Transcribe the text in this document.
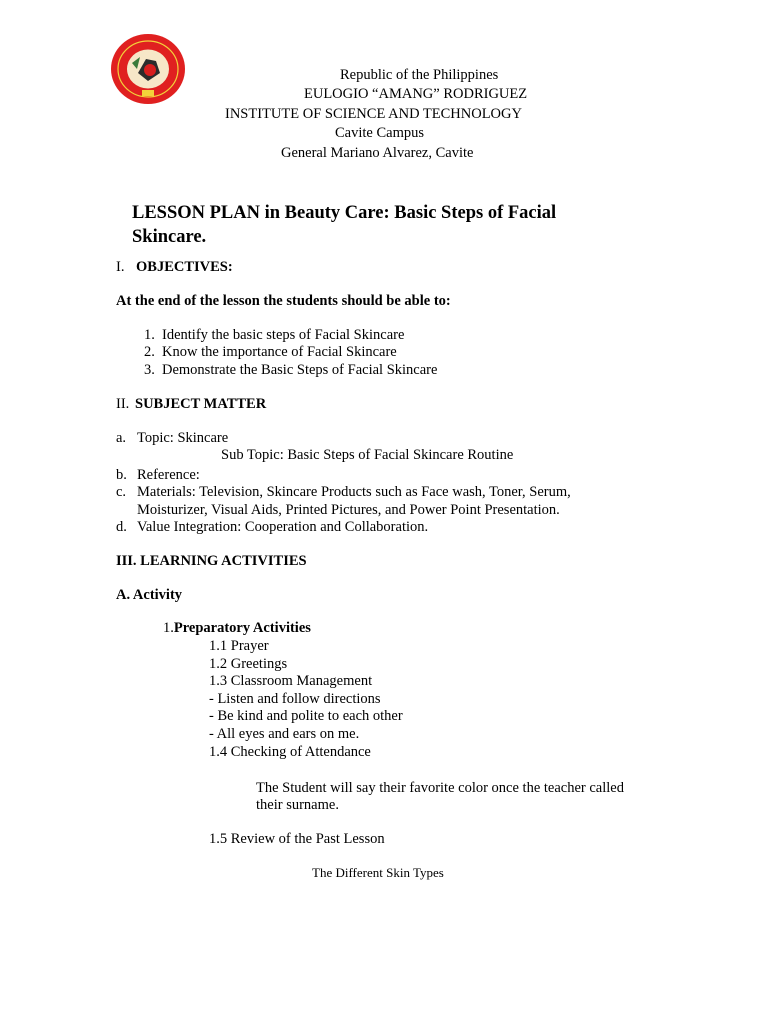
Republic of the Philippines
EULOGIO “AMANG” RODRIGUEZ
INSTITUTE OF SCIENCE AND TECHNOLOGY
Cavite Campus
General Mariano Alvarez, Cavite
LESSON PLAN in Beauty Care: Basic Steps of Facial
Skincare.
I. OBJECTIVES:
At the end of the lesson the students should be able to:
1. Identify the basic steps of Facial Skincare
2. Know the importance of Facial Skincare
3. Demonstrate the Basic Steps of Facial Skincare
II. SUBJECT MATTER
a. Topic: Skincare
Sub Topic: Basic Steps of Facial Skincare Routine
b. Reference:
c. Materials: Television, Skincare Products such as Face wash, Toner, Serum,
Moisturizer, Visual Aids, Printed Pictures, and Power Point Presentation.
d. Value Integration: Cooperation and Collaboration.
III. LEARNING ACTIVITIES
A. Activity
1.Preparatory Activities
1.1 Prayer
1.2 Greetings
1.3 Classroom Management
- Listen and follow directions
- Be kind and polite to each other
- All eyes and ears on me.
1.4 Checking of Attendance
The Student will say their favorite color once the teacher called
their surname.
1.5 Review of the Past Lesson
The Different Skin Types
